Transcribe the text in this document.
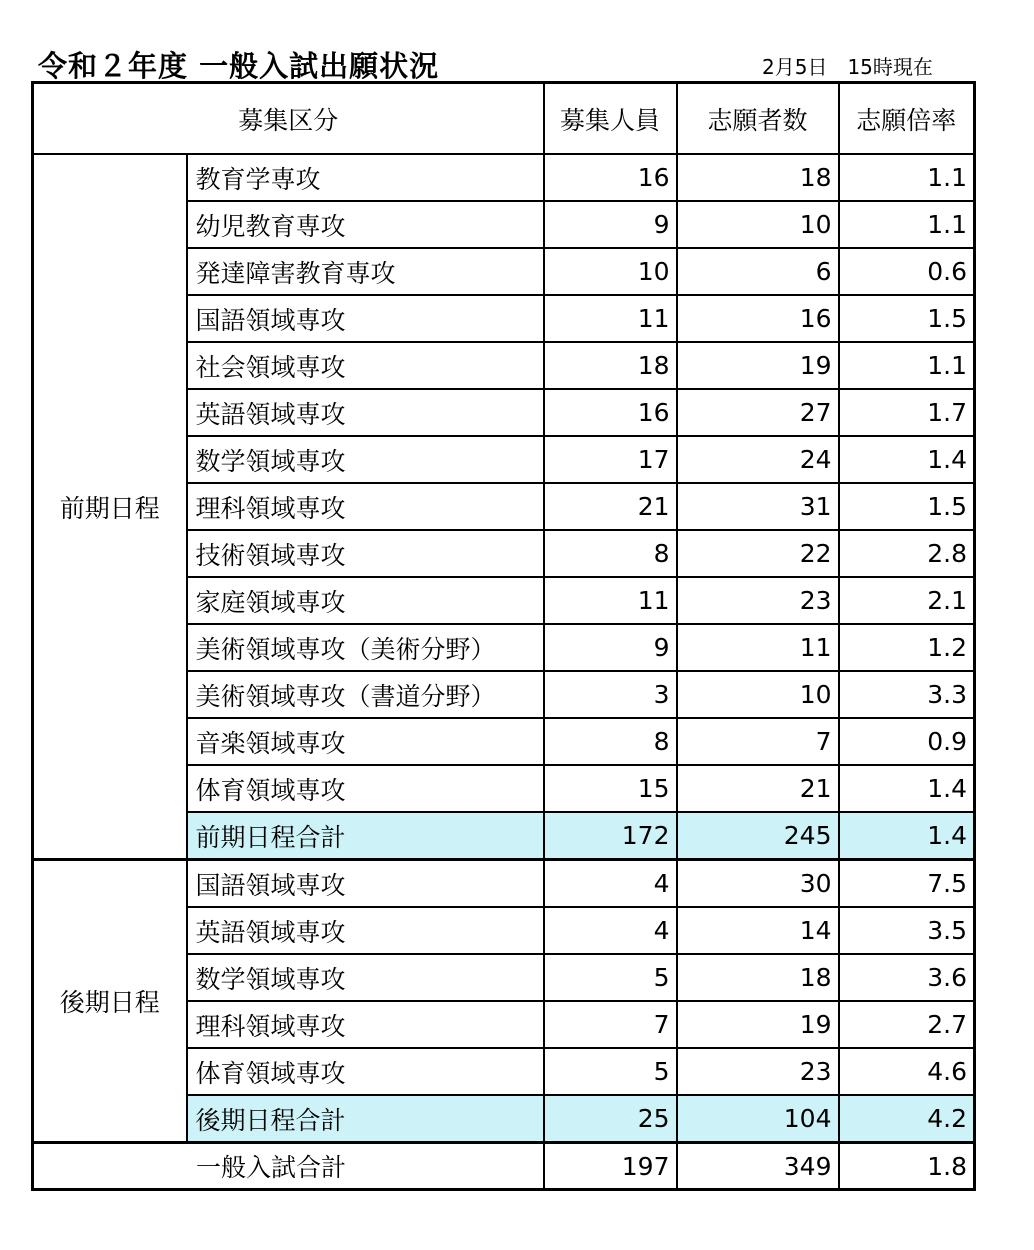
令和２年度 一般入試出願状況	2月5日　15時現在
募集区分		募集人員	志願者数	志願倍率
前期日程	教育学専攻	16	18	1.1
	幼児教育専攻	9	10	1.1
	発達障害教育専攻	10	6	0.6
	国語領域専攻	11	16	1.5
	社会領域専攻	18	19	1.1
	英語領域専攻	16	27	1.7
	数学領域専攻	17	24	1.4
	理科領域専攻	21	31	1.5
	技術領域専攻	8	22	2.8
	家庭領域専攻	11	23	2.1
	美術領域専攻（美術分野）	9	11	1.2
	美術領域専攻（書道分野）	3	10	3.3
	音楽領域専攻	8	7	0.9
	体育領域専攻	15	21	1.4
	前期日程合計	172	245	1.4
後期日程	国語領域専攻	4	30	7.5
	英語領域専攻	4	14	3.5
	数学領域専攻	5	18	3.6
	理科領域専攻	7	19	2.7
	体育領域専攻	5	23	4.6
	後期日程合計	25	104	4.2
一般入試合計		197	349	1.8
